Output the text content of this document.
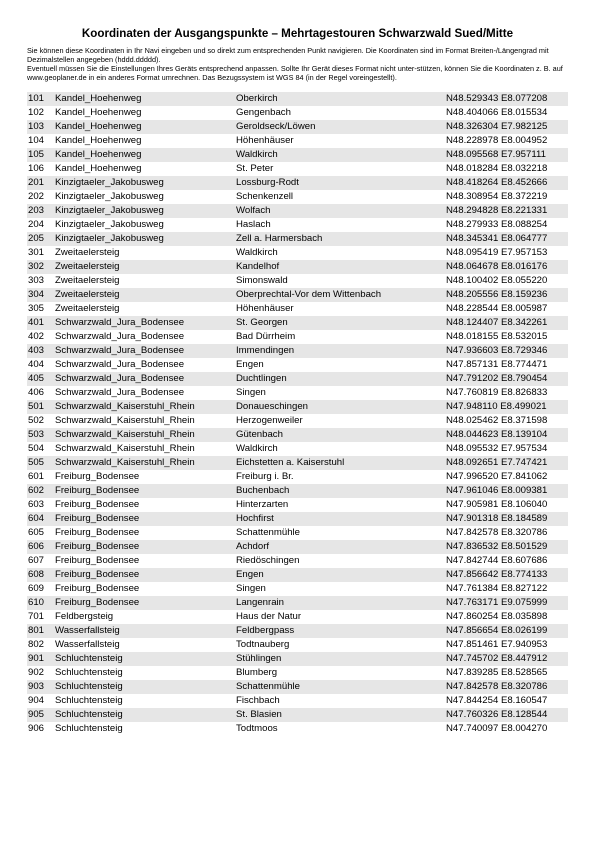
Koordinaten der Ausgangspunkte – Mehrtagestouren Schwarzwald Sued/Mitte

Sie können diese Koordinaten in Ihr Navi eingeben und so direkt zum entsprechenden Punkt navigieren. Die Koordinaten sind im Format Breiten-/Längengrad mit Dezimalstellen angegeben (hddd.ddddd).

Eventuell müssen Sie die Einstellungen Ihres Geräts entsprechend anpassen. Sollte Ihr Gerät dieses Format nicht unter-stützen, können Sie die Koordinaten z. B. auf www.geoplaner.de in ein anderes Format umrechnen. Das Bezugssystem ist WGS 84 (in der Regel voreingestellt).

101	Kandel_Hoehenweg	Oberkirch	N48.529343 E8.077208
102	Kandel_Hoehenweg	Gengenbach	N48.404066 E8.015534
103	Kandel_Hoehenweg	Geroldseck/Löwen	N48.326304 E7.982125
104	Kandel_Hoehenweg	Höhenhäuser	N48.228978 E8.004952
105	Kandel_Hoehenweg	Waldkirch	N48.095568 E7.957111
106	Kandel_Hoehenweg	St. Peter	N48.018284 E8.032218
201	Kinzigtaeler_Jakobusweg	Lossburg-Rodt	N48.418264 E8.452666
202	Kinzigtaeler_Jakobusweg	Schenkenzell	N48.308954 E8.372219
203	Kinzigtaeler_Jakobusweg	Wolfach	N48.294828 E8.221331
204	Kinzigtaeler_Jakobusweg	Haslach	N48.279933 E8.088254
205	Kinzigtaeler_Jakobusweg	Zell a. Harmersbach	N48.345341 E8.064777
301	Zweitaelersteig	Waldkirch	N48.095419 E7.957153
302	Zweitaelersteig	Kandelhof	N48.064678 E8.016176
303	Zweitaelersteig	Simonswald	N48.100402 E8.055220
304	Zweitaelersteig	Oberprechtal-Vor dem Wittenbach	N48.205556 E8.159236
305	Zweitaelersteig	Höhenhäuser	N48.228544 E8.005987
401	Schwarzwald_Jura_Bodensee	St. Georgen	N48.124407 E8.342261
402	Schwarzwald_Jura_Bodensee	Bad Dürrheim	N48.018155 E8.532015
403	Schwarzwald_Jura_Bodensee	Immendingen	N47.936603 E8.729346
404	Schwarzwald_Jura_Bodensee	Engen	N47.857131 E8.774471
405	Schwarzwald_Jura_Bodensee	Duchtlingen	N47.791202 E8.790454
406	Schwarzwald_Jura_Bodensee	Singen	N47.760819 E8.826833
501	Schwarzwald_Kaiserstuhl_Rhein	Donaueschingen	N47.948110 E8.499021
502	Schwarzwald_Kaiserstuhl_Rhein	Herzogenweiler	N48.025462 E8.371598
503	Schwarzwald_Kaiserstuhl_Rhein	Gütenbach	N48.044623 E8.139104
504	Schwarzwald_Kaiserstuhl_Rhein	Waldkirch	N48.095532 E7.957534
505	Schwarzwald_Kaiserstuhl_Rhein	Eichstetten a. Kaiserstuhl	N48.092651 E7.747421
601	Freiburg_Bodensee	Freiburg i. Br.	N47.996520 E7.841062
602	Freiburg_Bodensee	Buchenbach	N47.961046 E8.009381
603	Freiburg_Bodensee	Hinterzarten	N47.905981 E8.106040
604	Freiburg_Bodensee	Hochfirst	N47.901318 E8.184589
605	Freiburg_Bodensee	Schattenmühle	N47.842578 E8.320786
606	Freiburg_Bodensee	Achdorf	N47.836532 E8.501529
607	Freiburg_Bodensee	Riedöschingen	N47.842744 E8.607686
608	Freiburg_Bodensee	Engen	N47.856642 E8.774133
609	Freiburg_Bodensee	Singen	N47.761384 E8.827122
610	Freiburg_Bodensee	Langenrain	N47.763171 E9.075999
701	Feldbergsteig	Haus der Natur	N47.860254 E8.035898
801	Wasserfallsteig	Feldbergpass	N47.856654 E8.026199
802	Wasserfallsteig	Todtnauberg	N47.851461 E7.940953
901	Schluchtensteig	Stühlingen	N47.745702 E8.447912
902	Schluchtensteig	Blumberg	N47.839285 E8.528565
903	Schluchtensteig	Schattenmühle	N47.842578 E8.320786
904	Schluchtensteig	Fischbach	N47.844254 E8.160547
905	Schluchtensteig	St. Blasien	N47.760326 E8.128544
906	Schluchtensteig	Todtmoos	N47.740097 E8.004270
